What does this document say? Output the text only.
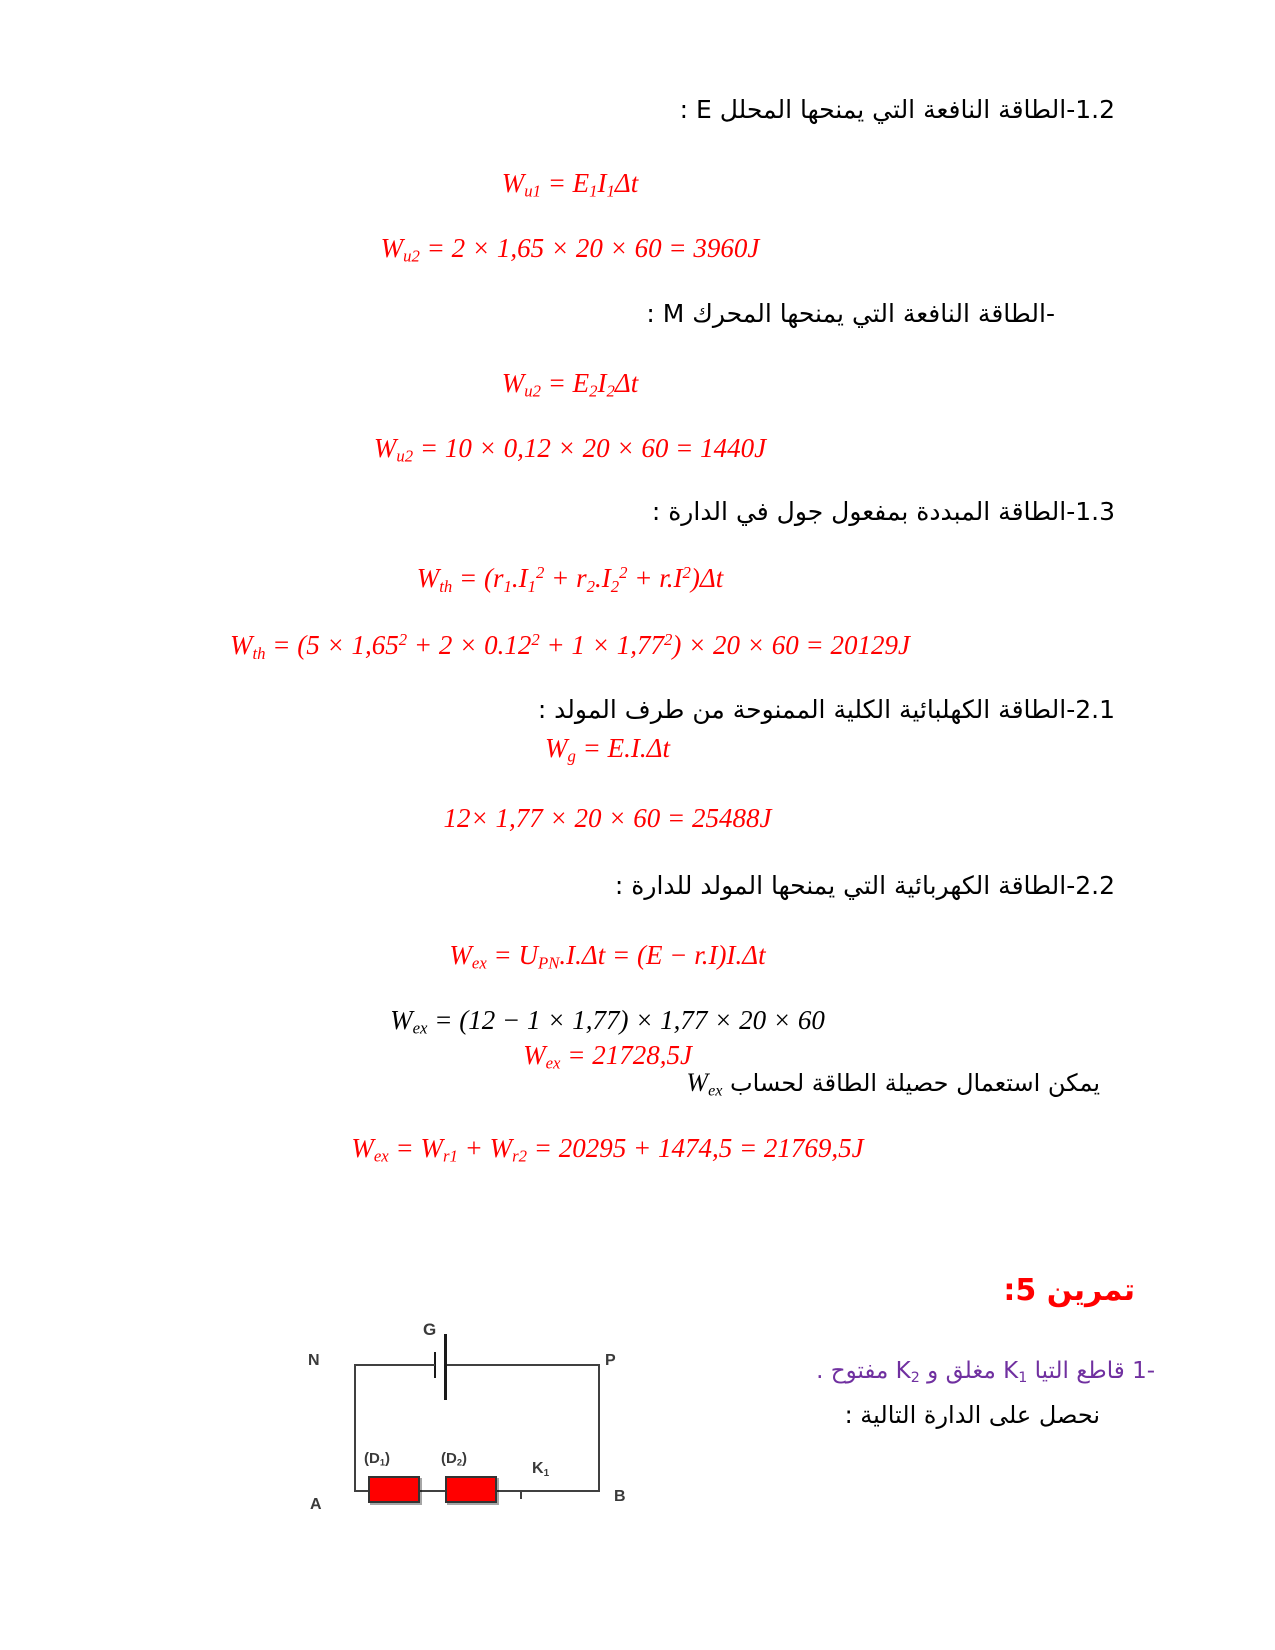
-1.2الطاقة النافعة التي يمنحها المحلل E :
$W_{u1} = E_1I_1\Delta t$
$W_{u2} = 2 \times 1,65 \times 20 \times 60 = 3960J$
-الطاقة النافعة التي يمنحها المحرك M :
$W_{u2} = E_2I_2\Delta t$
$W_{u2} = 10 \times 0,12 \times 20 \times 60 = 1440J$
-1.3الطاقة المبددة بمفعول جول في الدارة :
$W_{th} = (r_1.I_1^2 + r_2.I_2^2 + r.I^2)\Delta t$
$W_{th} = (5 \times 1,65^2 + 2 \times 0.12^2 + 1 \times 1,77^2) \times 20 \times 60 = 20129J$
-2.1الطاقة الكهلبائية الكلية الممنوحة من طرف المولد :
$W_g = E.I.\Delta t$
12× 1,77 × 20 × 60 = 25488J
-2.2الطاقة الكهربائية التي يمنحها المولد للدارة :
$W_{ex} = U_{PN}.I.\Delta t = (E - r.I)I.\Delta t$
$W_{ex} = (12 - 1 \times 1,77) \times 1,77 \times 20 \times 60$
$W_{ex} = 21728,5J$
يمكن استعمال حصيلة الطاقة لحساب $W_{ex}$
$W_{ex} = W_{r1} + W_{r2} = 20295 + 1474,5 = 21769,5J$
تمرين 5:
1- قاطع التيا $K_1$ مغلق و $K_2$ مفتوح .
نحصل على الدارة التالية :
G
N	P
A	B
$K_1$
$(D_1)$	$(D_2)$
